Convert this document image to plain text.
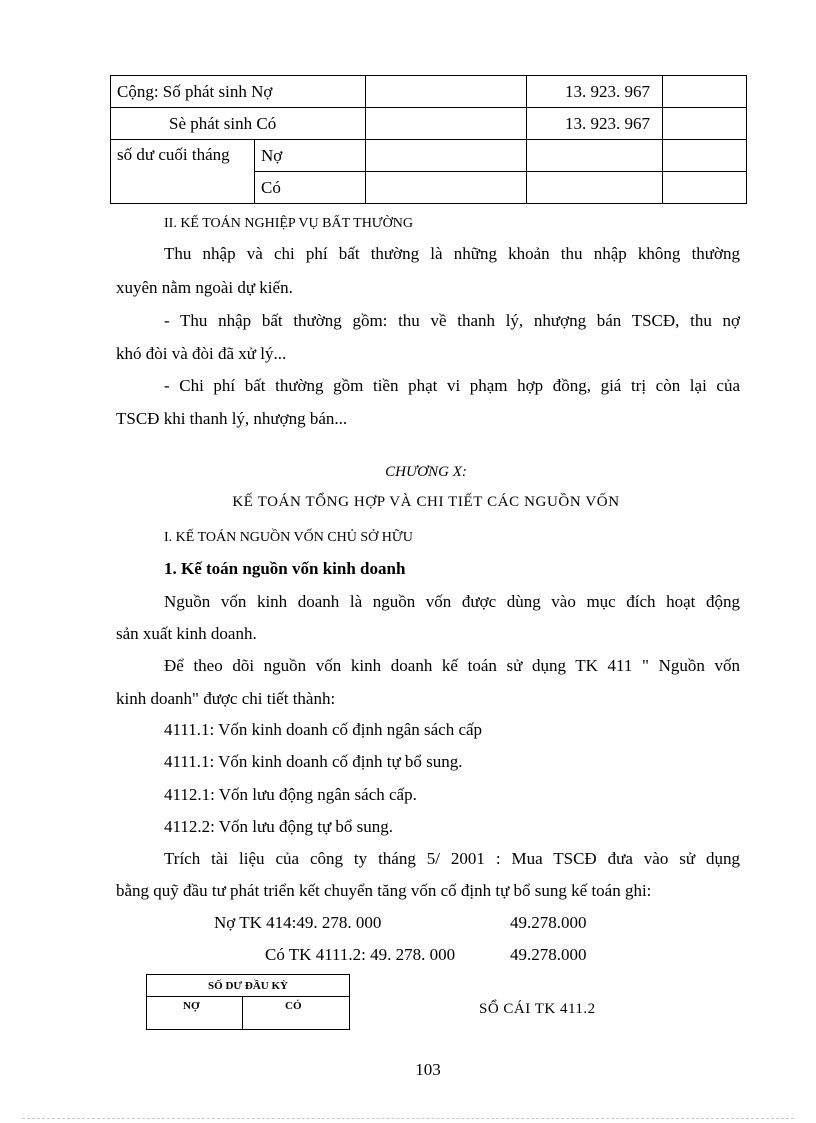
Cộng: Số phát sinh Nợ			13. 923. 967	
Sè phát sinh Có			13. 923. 967	
số dư cuối tháng	Nợ			
	Có			
II. KẾ TOÁN NGHIỆP VỤ BẤT THƯỜNG
Thu nhập và chi phí bất thường là những khoản thu nhập không thường
xuyên nằm ngoài dự kiến.
- Thu nhập bất thường gồm: thu về thanh lý, nhượng bán TSCĐ, thu nợ
khó đòi và đòi đã xử lý...
- Chi phí bất thường gồm tiền phạt vi phạm hợp đồng, giá trị còn lại của
TSCĐ khi thanh lý, nhượng bán...
CHƯƠNG X:
KẾ TOÁN TỔNG HỢP VÀ CHI TIẾT CÁC NGUỒN VỐN
I. KẾ TOÁN NGUỒN VỐN CHỦ SỞ HỮU
1. Kế toán nguồn vốn kinh doanh
Nguồn vốn kinh doanh là nguồn vốn được dùng vào mục đích hoạt động
sản xuất kinh doanh.
Để theo dõi nguồn vốn kinh doanh kế toán sử dụng TK 411 " Nguồn vốn
kinh doanh" được chi tiết thành:
4111.1: Vốn kinh doanh cố định ngân sách cấp
4111.1: Vốn kinh doanh cố định tự bổ sung.
4112.1: Vốn lưu động ngân sách cấp.
4112.2: Vốn lưu động tự bổ sung.
Trích tài liệu của công ty tháng 5/ 2001 : Mua TSCĐ đưa vào sử dụng
bằng quỹ đầu tư phát triển kết chuyển tăng vốn cố định tự bổ sung kế toán ghi:
Nợ TK 414:49. 278. 000	49.278.000
Có TK 4111.2: 49. 278. 000	49.278.000
SỐ DƯ ĐẦU KỲ
NỢ	CÓ	SỔ CÁI TK 411.2
103
